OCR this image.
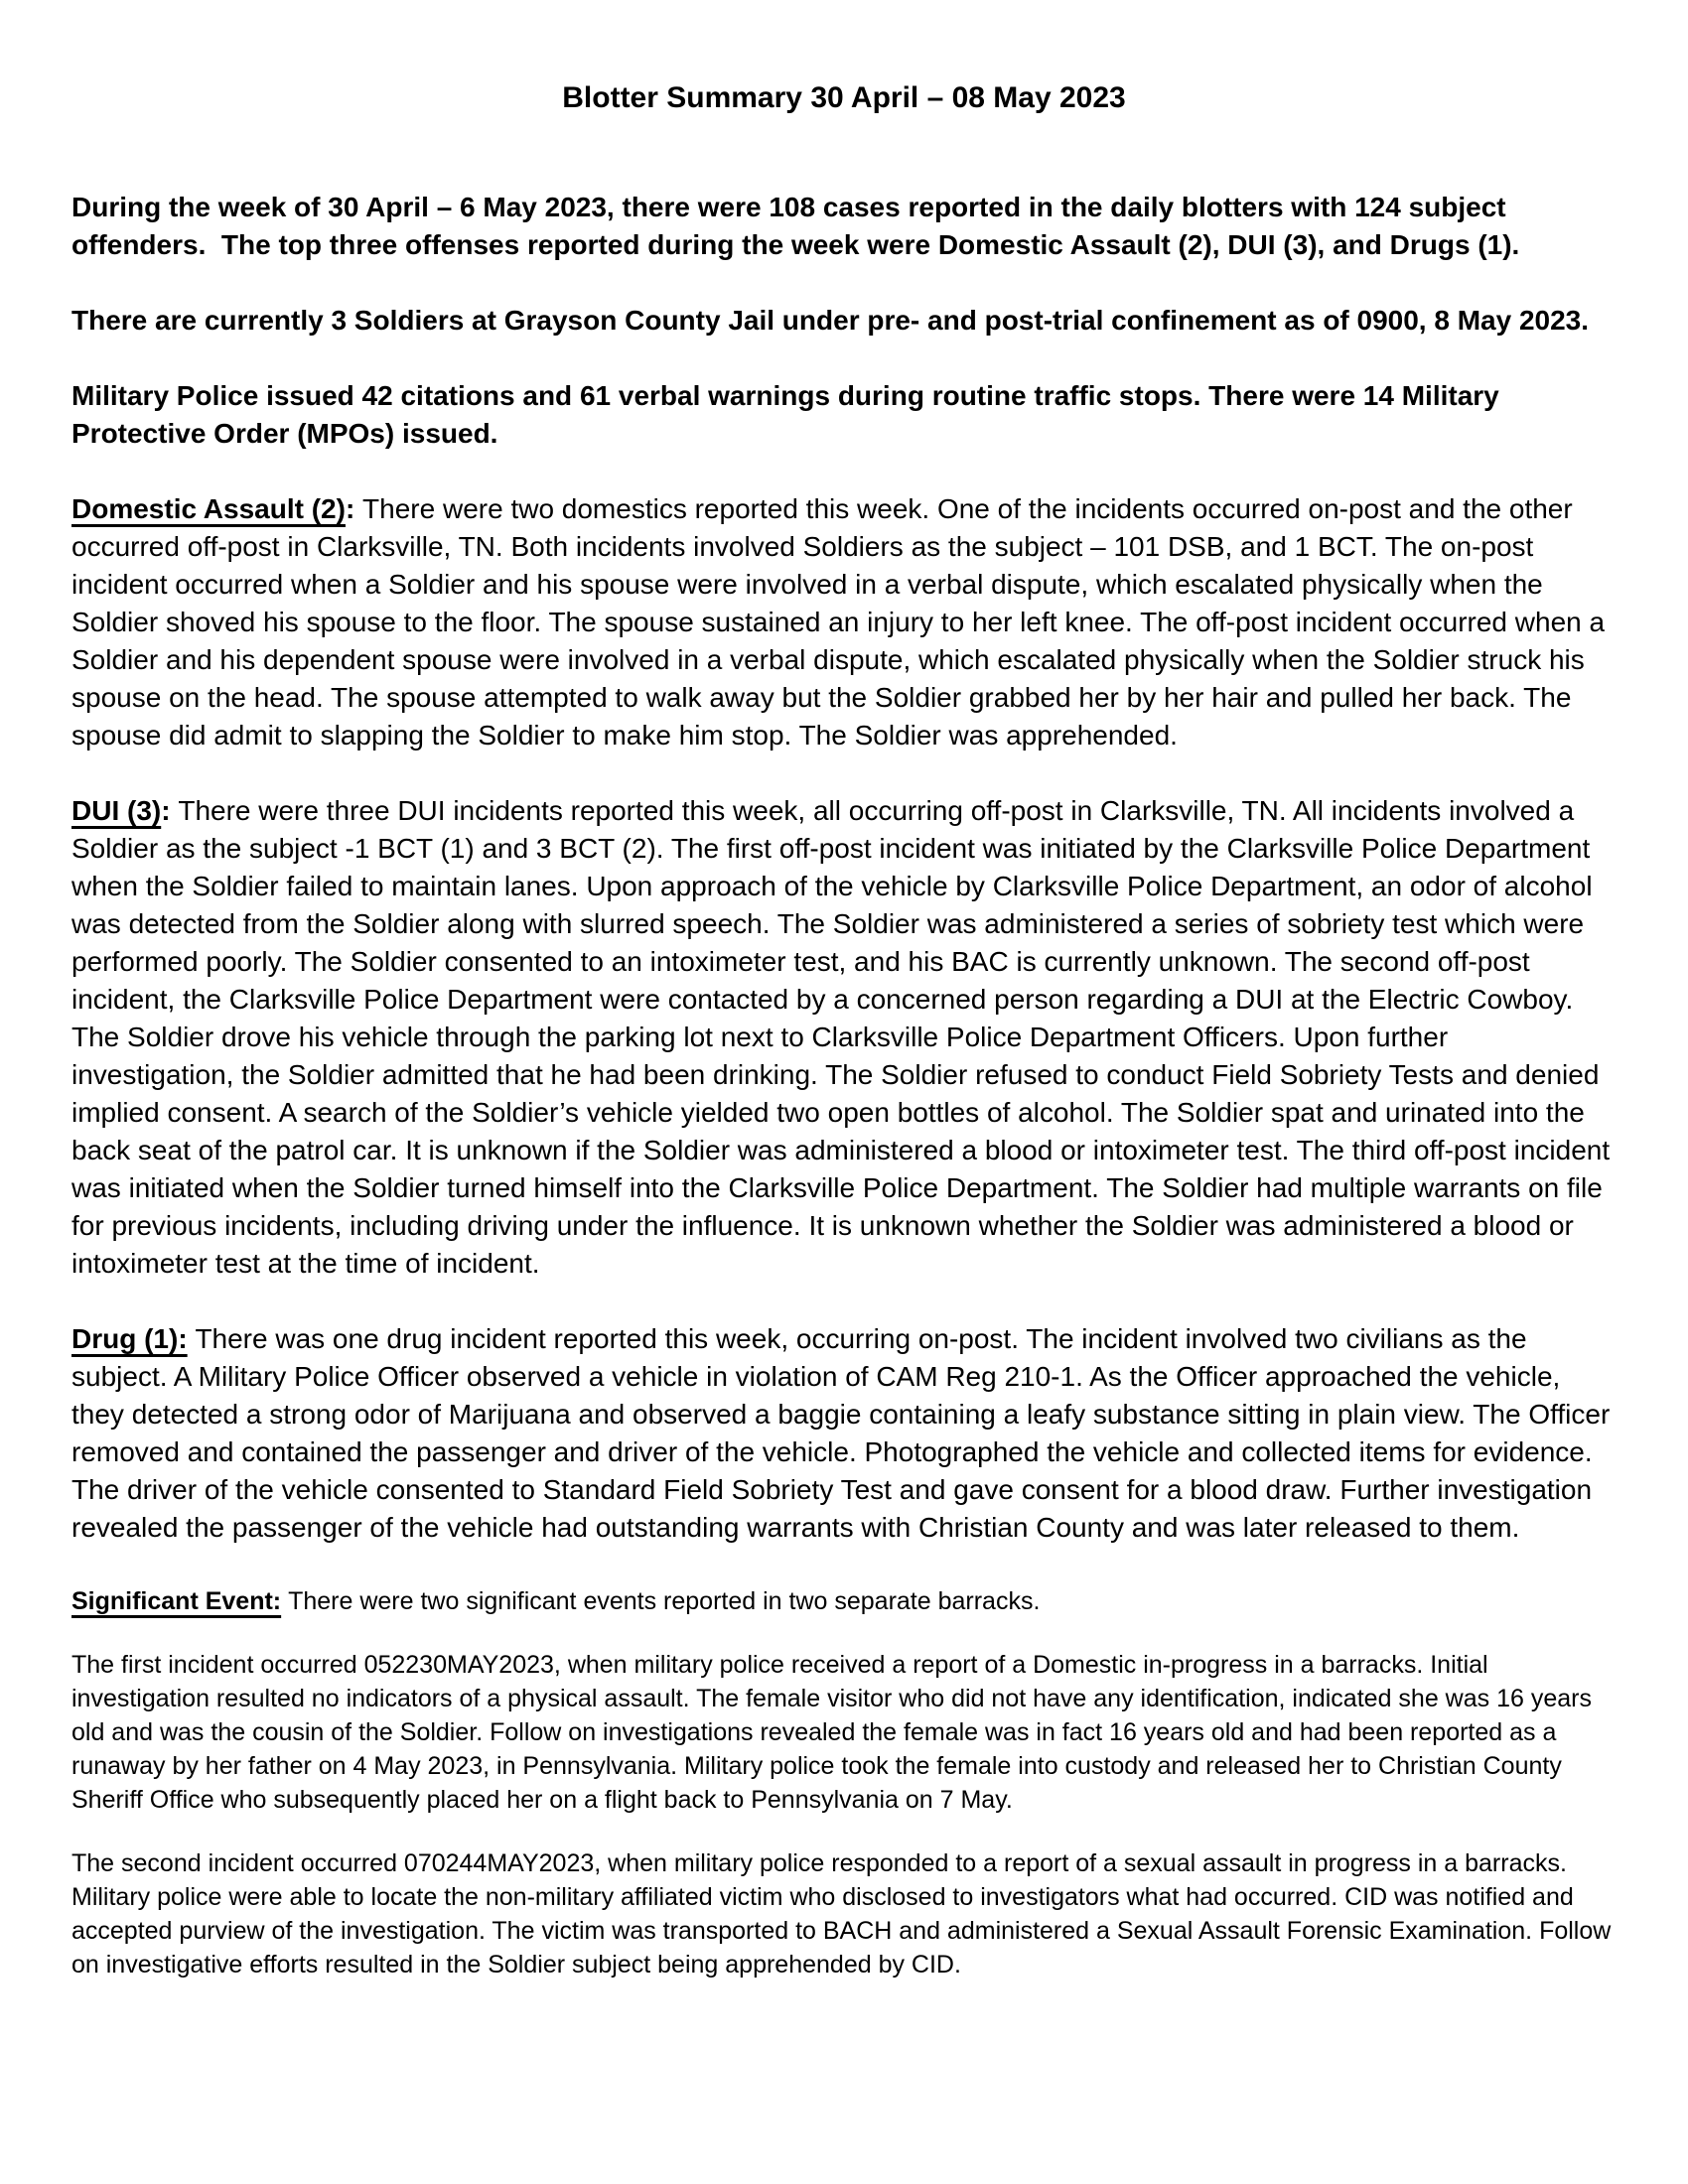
Blotter Summary 30 April – 08 May 2023

During the week of 30 April – 6 May 2023, there were 108 cases reported in the daily blotters with 124 subject offenders.  The top three offenses reported during the week were Domestic Assault (2), DUI (3), and Drugs (1).

There are currently 3 Soldiers at Grayson County Jail under pre- and post-trial confinement as of 0900, 8 May 2023.

Military Police issued 42 citations and 61 verbal warnings during routine traffic stops. There were 14 Military Protective Order (MPOs) issued.

Domestic Assault (2): There were two domestics reported this week. One of the incidents occurred on-post and the other occurred off-post in Clarksville, TN. Both incidents involved Soldiers as the subject – 101 DSB, and 1 BCT. The on-post incident occurred when a Soldier and his spouse were involved in a verbal dispute, which escalated physically when the Soldier shoved his spouse to the floor. The spouse sustained an injury to her left knee. The off-post incident occurred when a Soldier and his dependent spouse were involved in a verbal dispute, which escalated physically when the Soldier struck his spouse on the head. The spouse attempted to walk away but the Soldier grabbed her by her hair and pulled her back. The spouse did admit to slapping the Soldier to make him stop. The Soldier was apprehended.

DUI (3): There were three DUI incidents reported this week, all occurring off-post in Clarksville, TN. All incidents involved a Soldier as the subject -1 BCT (1) and 3 BCT (2). The first off-post incident was initiated by the Clarksville Police Department when the Soldier failed to maintain lanes. Upon approach of the vehicle by Clarksville Police Department, an odor of alcohol was detected from the Soldier along with slurred speech. The Soldier was administered a series of sobriety test which were performed poorly. The Soldier consented to an intoximeter test, and his BAC is currently unknown. The second off-post incident, the Clarksville Police Department were contacted by a concerned person regarding a DUI at the Electric Cowboy. The Soldier drove his vehicle through the parking lot next to Clarksville Police Department Officers. Upon further investigation, the Soldier admitted that he had been drinking. The Soldier refused to conduct Field Sobriety Tests and denied implied consent. A search of the Soldier’s vehicle yielded two open bottles of alcohol. The Soldier spat and urinated into the back seat of the patrol car. It is unknown if the Soldier was administered a blood or intoximeter test. The third off-post incident was initiated when the Soldier turned himself into the Clarksville Police Department. The Soldier had multiple warrants on file for previous incidents, including driving under the influence. It is unknown whether the Soldier was administered a blood or intoximeter test at the time of incident.

Drug (1): There was one drug incident reported this week, occurring on-post. The incident involved two civilians as the subject. A Military Police Officer observed a vehicle in violation of CAM Reg 210-1. As the Officer approached the vehicle, they detected a strong odor of Marijuana and observed a baggie containing a leafy substance sitting in plain view. The Officer removed and contained the passenger and driver of the vehicle. Photographed the vehicle and collected items for evidence. The driver of the vehicle consented to Standard Field Sobriety Test and gave consent for a blood draw. Further investigation revealed the passenger of the vehicle had outstanding warrants with Christian County and was later released to them.

Significant Event: There were two significant events reported in two separate barracks.

The first incident occurred 052230MAY2023, when military police received a report of a Domestic in-progress in a barracks. Initial investigation resulted no indicators of a physical assault. The female visitor who did not have any identification, indicated she was 16 years old and was the cousin of the Soldier. Follow on investigations revealed the female was in fact 16 years old and had been reported as a runaway by her father on 4 May 2023, in Pennsylvania. Military police took the female into custody and released her to Christian County Sheriff Office who subsequently placed her on a flight back to Pennsylvania on 7 May.

The second incident occurred 070244MAY2023, when military police responded to a report of a sexual assault in progress in a barracks.  Military police were able to locate the non-military affiliated victim who disclosed to investigators what had occurred. CID was notified and accepted purview of the investigation. The victim was transported to BACH and administered a Sexual Assault Forensic Examination. Follow on investigative efforts resulted in the Soldier subject being apprehended by CID.
